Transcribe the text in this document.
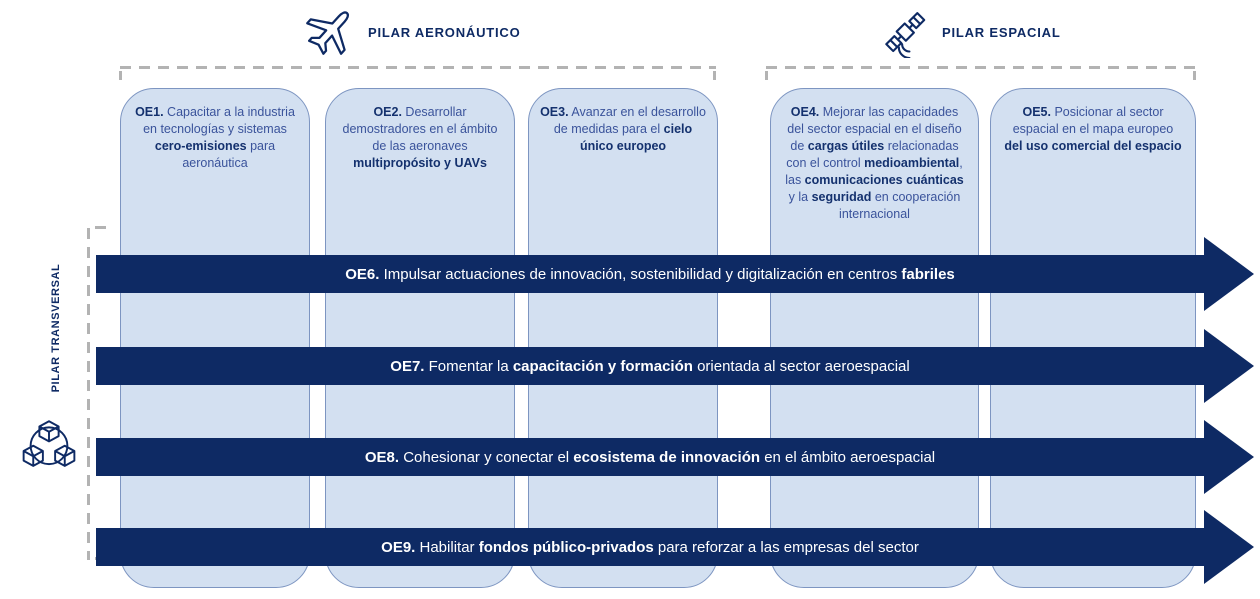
PILAR AERONÁUTICO	PILAR ESPACIAL
PILAR TRANSVERSAL
OE1. Capacitar a la industria en tecnologías y sistemas cero-emisiones para aeronáutica
OE2. Desarrollar demostradores en el ámbito de las aeronaves multipropósito y UAVs
OE3. Avanzar en el desarrollo de medidas para el cielo único europeo
OE4. Mejorar las capacidades del sector espacial en el diseño de cargas útiles relacionadas con el control medioambiental, las comunicaciones cuánticas y la seguridad en cooperación internacional
OE5. Posicionar al sector espacial en el mapa europeo del uso comercial del espacio
OE6. Impulsar actuaciones de innovación, sostenibilidad y digitalización en centros fabriles
OE7. Fomentar la capacitación y formación orientada al sector aeroespacial
OE8. Cohesionar y conectar el ecosistema de innovación en el ámbito aeroespacial
OE9. Habilitar fondos público-privados para reforzar a las empresas del sector
